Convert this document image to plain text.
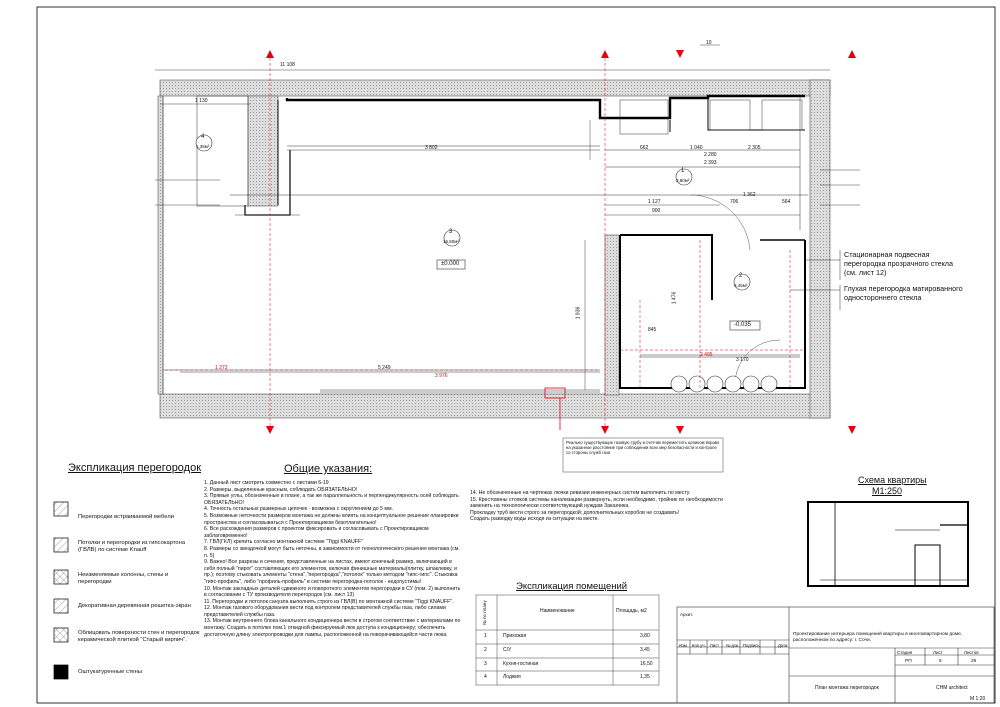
±0.000
-0.035
4
1,35м²
1
3,80м²
2
3,45м²
3
16,50м²
1 130
3 802
5 249
1 273
3 976
2 280
2 393
2 305
1 362
1 127
900
706	564
662	1 040
1 936
1 476
2 405
3 170
845
11 108
10
Реально существующие газовую трубу и счетчик переместить целиком вправо на указанное расстояние при соблюдении всех мер безопасности и контроле со стороны служб газа
Стационарная подвесная перегородка прозрачного стекла (см. лист 12)
Глухая перегородка матированного одностороннего стекла
Экспликация перегородок
Перегородки встраиваемой мебели
Потолки и перегородки из гипсокартона (ГВЛВ) по системе Knauff
Неизменяемые колонны, стены и перегородки
Декоративная деревянная решетка-экран
Облицовать поверхности стен и перегородок керамической плиткой "Старый кирпич".
Оштукатуренные стены
Общие указания:
1. Данный лист смотреть совместно с листами 6-19
2. Размеры, выделенные красным, соблюдать ОБЯЗАТЕЛЬНО!
3. Прямые углы, обозначенные в плане, а так же параллельность и перпендикулярность осей соблюдать ОБЯЗАТЕЛЬНО!
4. Точность остальных размерных цепочек - возможна с округлением до 5 мм.
5. Возможные неточности размеров монтажа не должны влиять на концептуальное решение планировки пространства и согласовываться с Проектировщиком безотлагательно!
6. Все расхождения размеров с проектом фиксировать и согласовывать с Проектировщиком заблаговременно!
7. ГВЛ(ГКЛ) крепить согласно монтажной системе "Tiggi KNAUFF"
8. Размеры со звездочкой могут быть неточны, в зависимости от технологического решения монтажа (см. п. 5)
9. Важно! Все разрезы и сечения, представленные на листах, имеют конечный размер, включающий в себя полный "пирог" составляющих его элементов, включая финишные материалы(плитку, шпаклевку, и пр.); поэтому стыковать элементы "стена","перегородка","потолок" только методом "гипс-гипс". Стыковка "гипс-профиль", либо "профиль-профиль" в системе перегородка-потолок - недопустимы!
10. Монтаж закладных деталей сдвижного и поворотного элементов перегородки в СУ (пом. 2) выполнить в согласовании с ТУ производителя перегородок (см. лист 13)
11. Перегородки и потолок санузла выполнить строго из ГВЛ(В) по монтажной системе "Tiggi KNAUFF".
12. Монтаж газового оборудования вести под контролем представителей службы газа, либо силами представителей службы газа.
13. Монтаж внутреннего блока канального кондиционера вести в строгом соответствие с материалами по монтажу. Создать в потолке пом.1 откидной фиксируемый люк доступа к кондиционеру; обеспечить достаточную длину электропроводки для лампы, расположенной на поворачивающейся части люка.
14. Не обозначенные на чертежах лючки ревизии инженерных систем выполнить по месту.
15. Крестовины стояков системы канализации развернуть, если необходимо, тройник по необходимости заменить на технологически соответствующий нуждам Заказчика.
Прокладку труб вести строго за перегородкой; дополнительных коробов не создавать!
Создать разводку воды исходя из ситуации на месте.
Экспликация помещений
№ по плану	Наименование	Площадь, м2
1	Прихожая	3,80
2	С/У	3,45
3	Кухня-гостиная	16,50
4	Лоджия	1,35
Схема квартиры
М1:250
Архит.
Изм. Кол.уч. Лист № док. Подпись	Дата
Проектирование интерьера помещений квартиры в многоквартирном доме, расположенном по адресу: г. Сочи,
Стадия	Лист	Листов
РП	5	26
План монтажа перегородок	CHM architect
М 1:20
